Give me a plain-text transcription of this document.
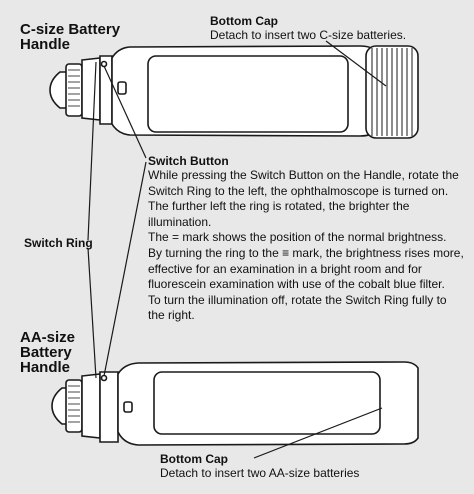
C-size Battery
Handle
Bottom Cap
Detach to insert two C-size batteries.
Switch Button

While pressing the Switch Button on the Handle, rotate the Switch Ring to the left, the ophthalmoscope is turned on. The further left the ring is rotated, the brighter the illumination.

The = mark shows the position of the normal brightness.

By turning the ring to the ≡ mark, the brightness rises more, effective for an examination in a bright room and for fluorescein examination with use of the cobalt blue filter.

To turn the illumination off, rotate the Switch Ring fully to the right.

Switch Ring
AA-size
Battery
Handle
Bottom Cap
Detach to insert two AA-size batteries
